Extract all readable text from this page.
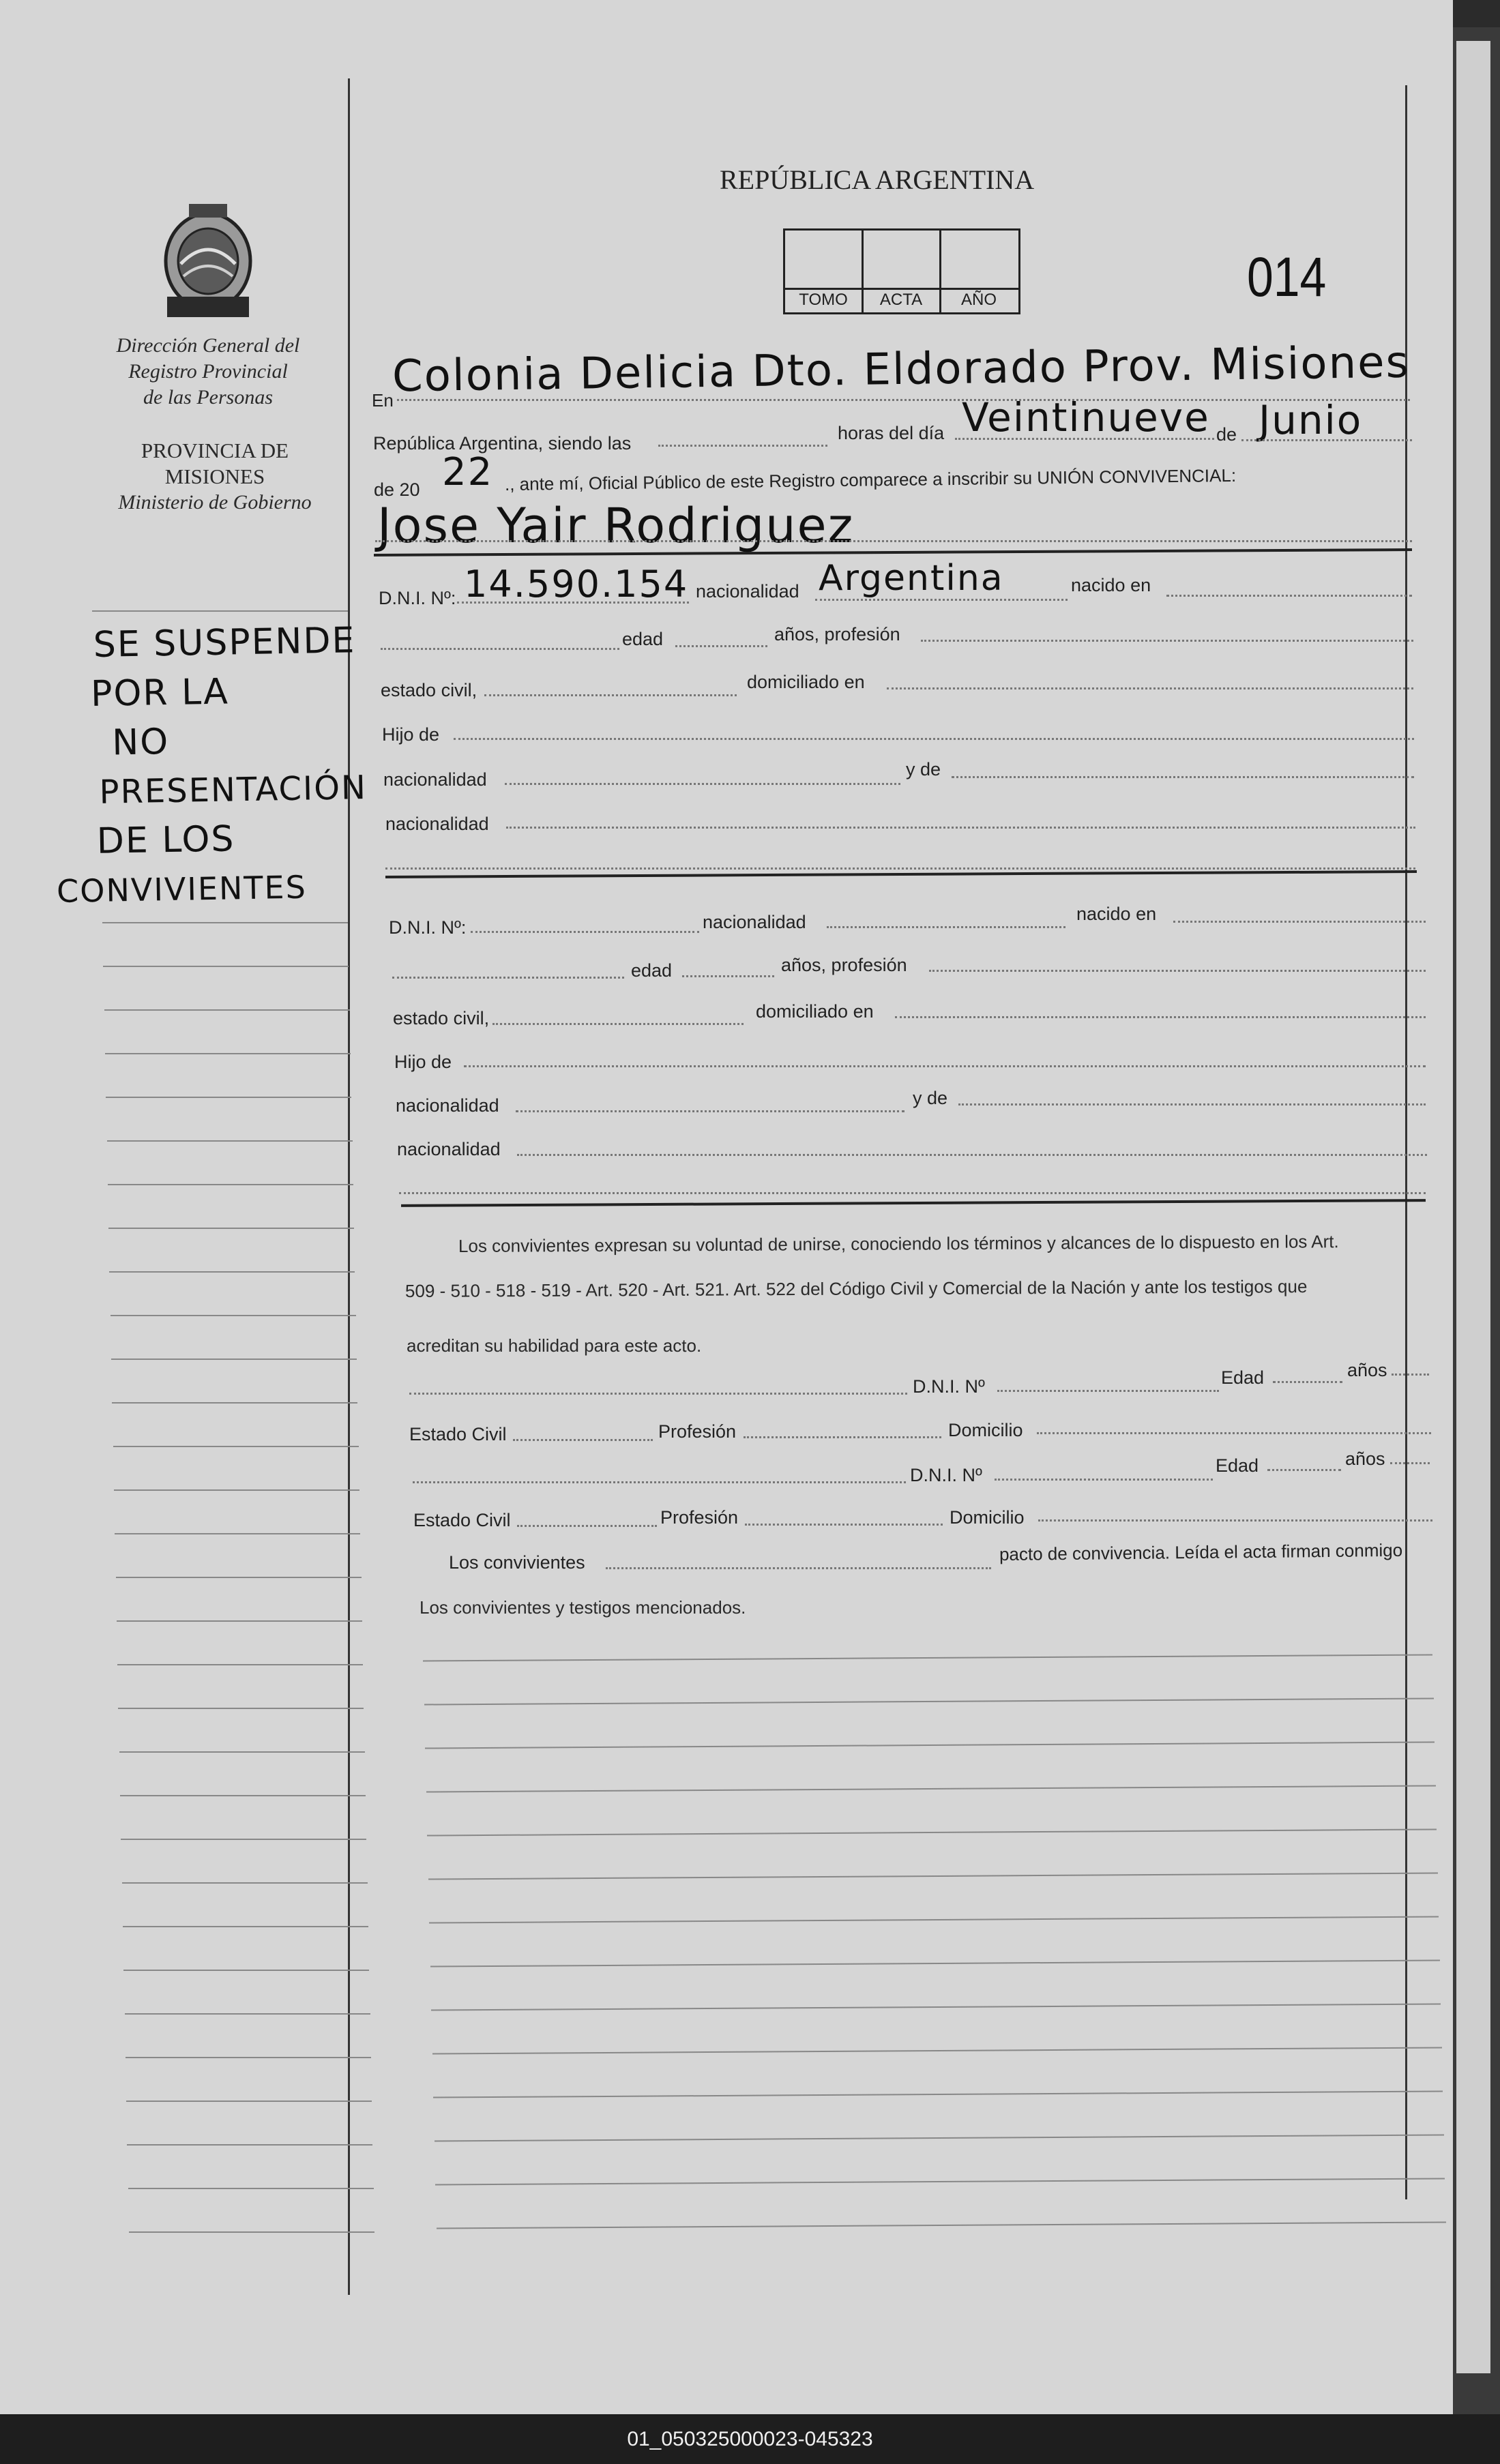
REPÚBLICA ARGENTINA
TOMO	ACTA	AÑO	014
Dirección General del
Registro Provincial
de las Personas
PROVINCIA DE
MISIONES
Ministerio de Gobierno
SE SUSPENDE
POR LA
NO
PRESENTACIÓN
DE LOS
CONVIVIENTES
En
Colonia Delicia Dto. Eldorado Prov. Misiones
República Argentina, siendo las	horas del día Veintinueve de Junio
de 20 22 ., ante mí, Oficial Público de este Registro comparece a inscribir su UNIÓN CONVIVENCIAL:
Jose Yair Rodriguez
D.N.I. Nº: 14.590.154 nacionalidad Argentina	nacido en
edad	años, profesión
estado civil,	domiciliado en
Hijo de
nacionalidad	y de
nacionalidad
D.N.I. Nº:	nacionalidad	nacido en
edad	años, profesión
estado civil,	domiciliado en
Hijo de
nacionalidad	y de
nacionalidad
Los convivientes expresan su voluntad de unirse, conociendo los términos y alcances de lo dispuesto en los Art.
509 - 510 - 518 - 519 - Art. 520 - Art. 521. Art. 522 del Código Civil y Comercial de la Nación y ante los testigos que
acreditan su habilidad para este acto.
D.N.I. Nº	Edad	años
Estado Civil	Profesión	Domicilio
D.N.I. Nº	Edad	años
Estado Civil	Profesión	Domicilio
Los convivientes	pacto de convivencia. Leída el acta firman conmigo
Los convivientes y testigos mencionados.
01_050325000023-045323
